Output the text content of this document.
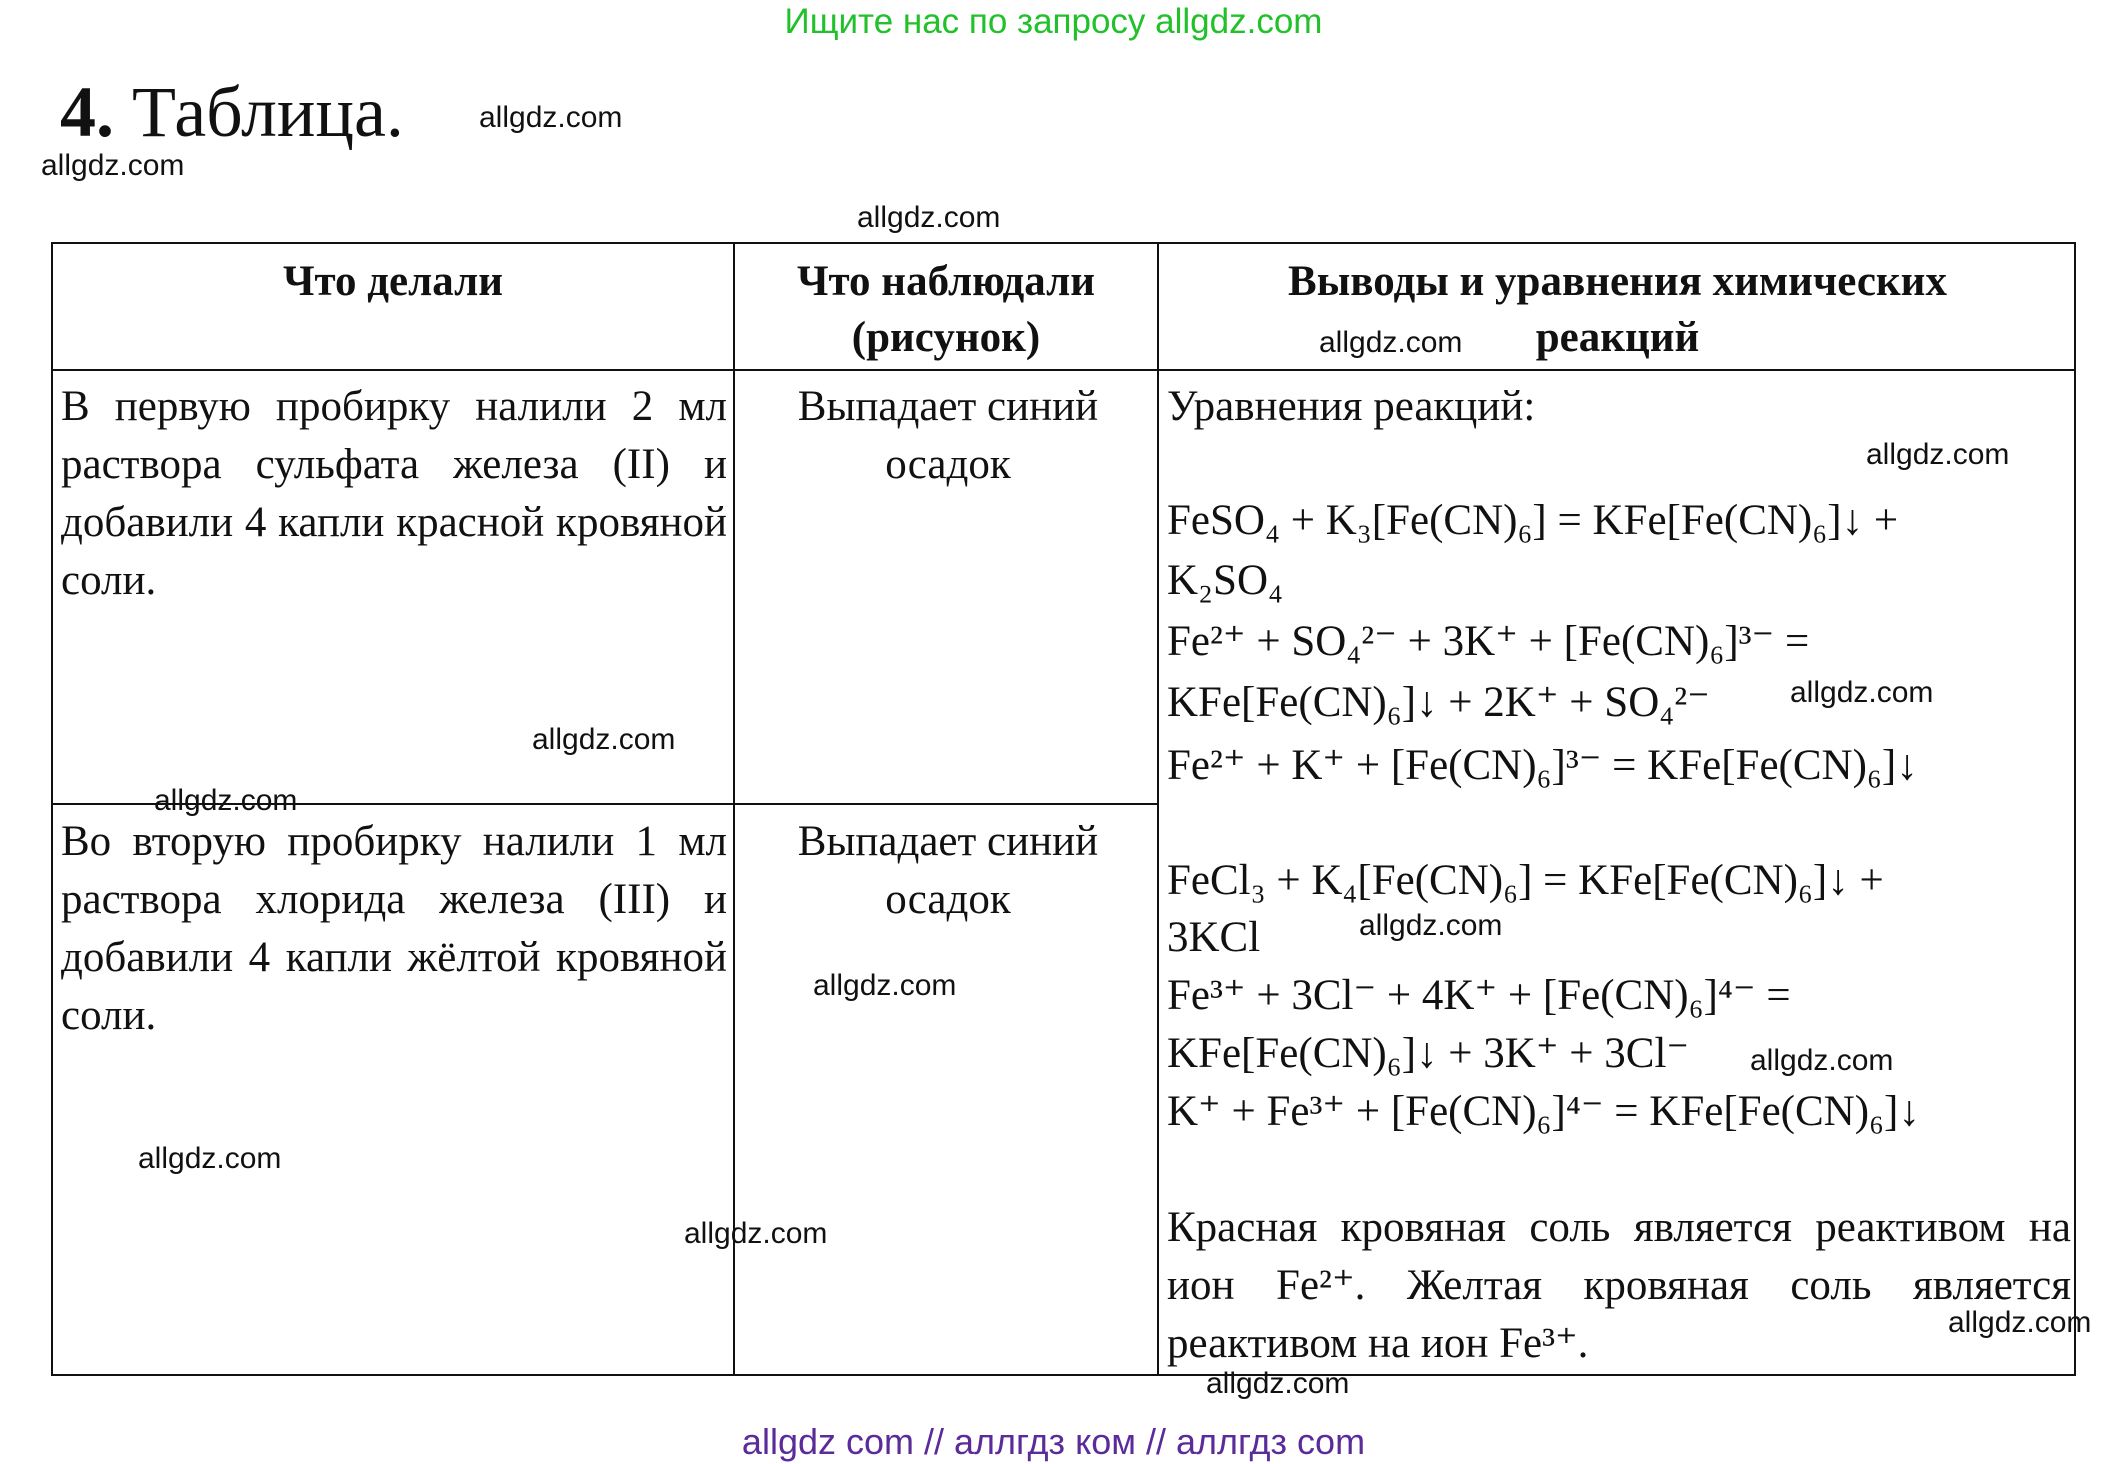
Ищите нас по запросу allgdz.com
4. Таблица.
Что делали	Что наблюдали
(рисунок)
Выводы и уравнения химических
реакций
В первую пробирку налили 2 мл раствора сульфата железа (II) и добавили 4 капли красной кровяной соли.
Выпадает синий осадок
Во вторую пробирку налили 1 мл раствора хлорида железа (III) и добавили 4 капли жёлтой кровяной соли.
Выпадает синий осадок
Уравнения реакций:
FeSO₄ + K₃[Fe(CN)₆] = KFe[Fe(CN)₆]↓ +
K₂SO₄
Fe²⁺ + SO₄²⁻ + 3K⁺ + [Fe(CN)₆]³⁻ =
KFe[Fe(CN)₆]↓ + 2K⁺ + SO₄²⁻
Fe²⁺ + K⁺ + [Fe(CN)₆]³⁻ = KFe[Fe(CN)₆]↓
FeCl₃ + K₄[Fe(CN)₆] = KFe[Fe(CN)₆]↓ +
3KCl
Fe³⁺ + 3Cl⁻ + 4K⁺ + [Fe(CN)₆]⁴⁻ =
KFe[Fe(CN)₆]↓ + 3K⁺ + 3Cl⁻
K⁺ + Fe³⁺ + [Fe(CN)₆]⁴⁻ = KFe[Fe(CN)₆]↓
Красная кровяная соль является реактивом на ион Fe²⁺. Желтая кровяная соль является реактивом на ион Fe³⁺.
allgdz.com
allgdz.com
allgdz.com
allgdz.com
allgdz.com
allgdz.com
allgdz.com
allgdz.com
allgdz.com
allgdz.com
allgdz.com
allgdz.com
allgdz.com
allgdz.com
allgdz.com
allgdz com // аллгдз ком // аллгдз com
